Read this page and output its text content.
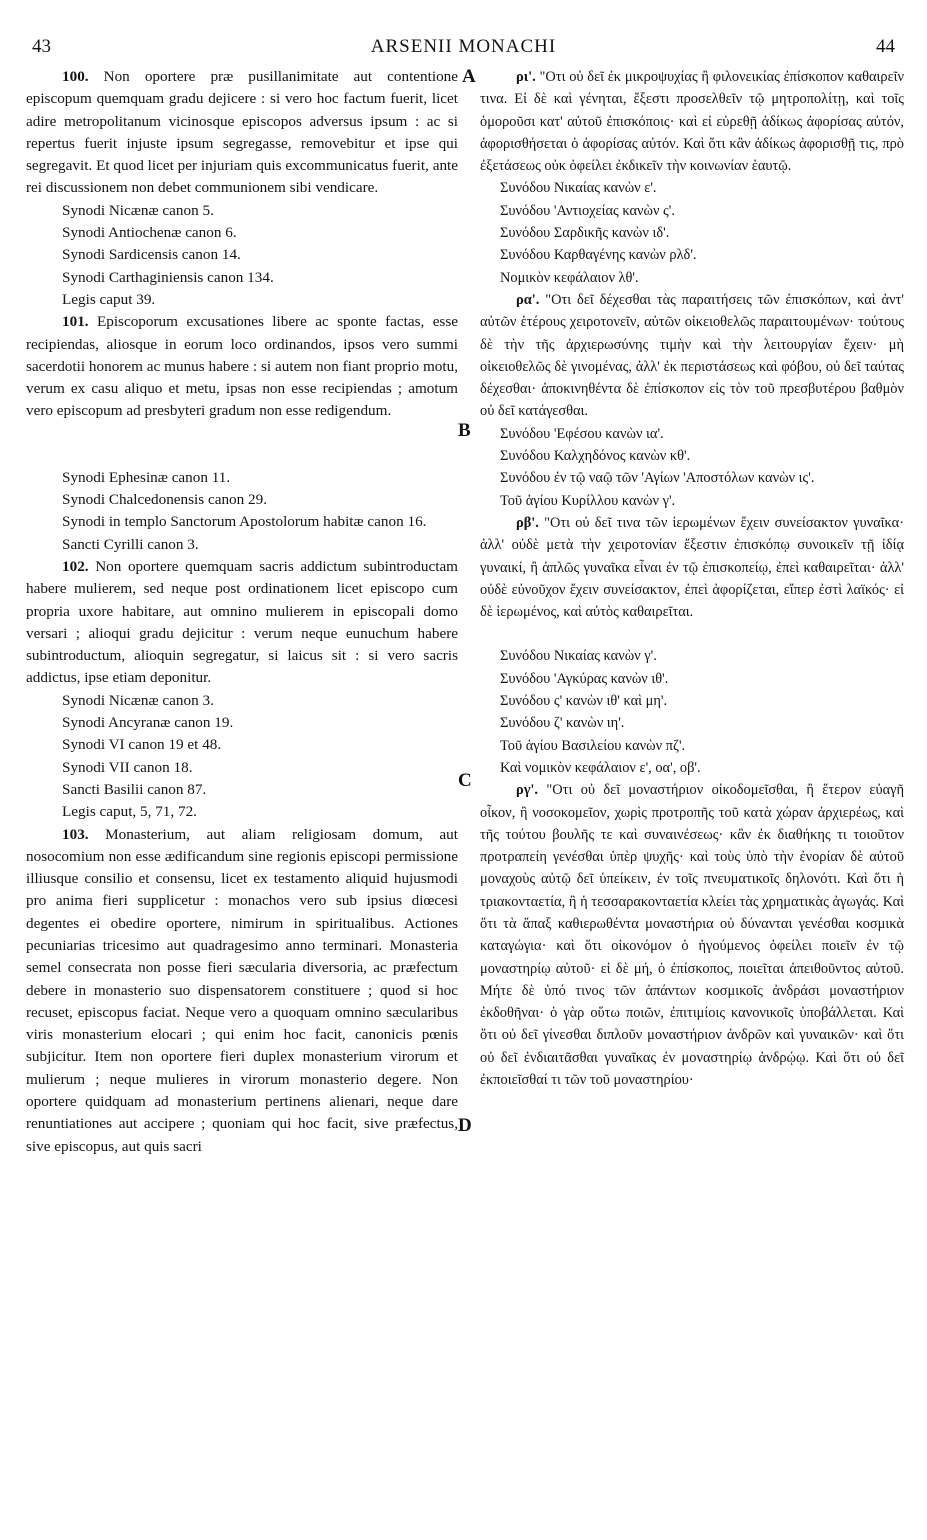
43	ARSENII MONACHI	44
A
B
C
D

100. Non oportere præ pusillanimitate aut contentione episcopum quemquam gradu dejicere : si vero hoc factum fuerit, licet adire metropolitanum vicinosque episcopos adversus ipsum : ac si repertus fuerit injuste ipsum segregasse, removebitur et ipse qui segregavit. Et quod licet per injuriam quis excommunicatus fuerit, ante rei discussionem non debet communionem sibi vendicare.

Synodi Nicænæ canon 5.
Synodi Antiochenæ canon 6.
Synodi Sardicensis canon 14.
Synodi Carthaginiensis canon 134.
Legis caput 39.

101. Episcoporum excusationes libere ac sponte factas, esse recipiendas, aliosque in eorum loco ordinandos, ipsos vero summi sacerdotii honorem ac munus habere : si autem non fiant proprio motu, verum ex casu aliquo et metu, ipsas non esse recipiendas ; amotum vero episcopum ad presbyteri gradum non esse redigendum.

Synodi Ephesinæ canon 11.
Synodi Chalcedonensis canon 29.
Synodi in templo Sanctorum Apostolorum habitæ canon 16.
Sancti Cyrilli canon 3.

102. Non oportere quemquam sacris addictum subintroductam habere mulierem, sed neque post ordinationem licet episcopo cum propria uxore habitare, aut omnino mulierem in episcopali domo versari ; alioqui gradu dejicitur : verum neque eunuchum habere subintroductum, alioquin segregatur, si laicus sit : si vero sacris addictus, ipse etiam deponitur.

Synodi Nicænæ canon 3.
Synodi Ancyranæ canon 19.
Synodi VI canon 19 et 48.
Synodi VII canon 18.
Sancti Basilii canon 87.
Legis caput, 5, 71, 72.

103. Monasterium, aut aliam religiosam domum, aut nosocomium non esse ædificandum sine regionis episcopi permissione illiusque consilio et consensu, licet ex testamento aliquid hujusmodi pro anima fieri supplicetur : monachos vero sub ipsius diœcesi degentes ei obedire oportere, nimirum in spiritualibus. Actiones pecuniarias tricesimo aut quadragesimo anno terminari. Monasteria semel consecrata non posse fieri sæcularia diversoria, ac præfectum debere in monasterio suo dispensatorem constituere ; quod si hoc recuset, episcopus faciat. Neque vero a quoquam omnino sæcularibus viris monasterium elocari ; qui enim hoc facit, canonicis pœnis subjicitur. Item non oportere fieri duplex monasterium virorum et mulierum ; neque mulieres in virorum monasterio degere. Non oportere quidquam ad monasterium pertinens alienari, neque dare renuntiationes aut accipere ; quoniam qui hoc facit, sive præfectus, sive episcopus, aut quis sacri

ρι'. "Οτι οὐ δεῖ ἐκ μικροψυχίας ἢ φιλονεικίας ἐπίσκοπον καθαιρεῖν τινα. Εἰ δὲ καὶ γένηται, ἔξεστι προσελθεῖν τῷ μητροπολίτῃ, καὶ τοῖς ὁμοροῦσι κατ' αὐτοῦ ἐπισκόποις· καὶ εἰ εὑρεθῇ ἀδίκως ἀφορίσας αὐτόν, ἀφορισθήσεται ὁ ἀφορίσας αὐτόν. Καὶ ὅτι κἂν ἀδίκως ἀφορισθῇ τις, πρὸ ἐξετάσεως οὐκ ὀφείλει ἐκδικεῖν τὴν κοινωνίαν ἑαυτῷ.

Συνόδου Νικαίας κανὼν ε'.
Συνόδου 'Αντιοχείας κανὼν ς'.
Συνόδου Σαρδικῆς κανὼν ιδ'.
Συνόδου Καρθαγένης κανὼν ρλδ'.
Νομικὸν κεφάλαιον λθ'.

ρα'. "Οτι δεῖ δέχεσθαι τὰς παραιτήσεις τῶν ἐπισκόπων, καὶ ἀντ' αὐτῶν ἑτέρους χειροτονεῖν, αὐτῶν οἰκειοθελῶς παραιτουμένων· τούτους δὲ τὴν τῆς ἀρχιερωσύνης τιμὴν καὶ τὴν λειτουργίαν ἔχειν· μὴ οἰκειοθελῶς δὲ γινομένας, ἀλλ' ἐκ περιστάσεως καὶ φόβου, οὐ δεῖ ταύτας δέχεσθαι· ἀποκινηθέντα δὲ ἐπίσκοπον εἰς τὸν τοῦ πρεσβυτέρου βαθμὸν οὐ δεῖ κατάγεσθαι.

Συνόδου 'Εφέσου κανὼν ια'.
Συνόδου Καλχηδόνος κανὼν κθ'.
Συνόδου ἐν τῷ ναῷ τῶν 'Αγίων 'Αποστόλων κανὼν ις'.
Τοῦ ἁγίου Κυρίλλου κανὼν γ'.

ρβ'. "Οτι οὐ δεῖ τινα τῶν ἱερωμένων ἔχειν συνείσακτον γυναῖκα· ἀλλ' οὐδὲ μετὰ τὴν χειροτονίαν ἔξεστιν ἐπισκόπῳ συνοικεῖν τῇ ἰδίᾳ γυναικί, ἢ ἁπλῶς γυναῖκα εἶναι ἐν τῷ ἐπισκοπείῳ, ἐπεὶ καθαιρεῖται· ἀλλ' οὐδὲ εὐνοῦχον ἔχειν συνείσακτον, ἐπεὶ ἀφορίζεται, εἴπερ ἐστὶ λαϊκός· εἰ δὲ ἱερωμένος, καὶ αὐτὸς καθαιρεῖται.

Συνόδου Νικαίας κανὼν γ'.
Συνόδου 'Αγκύρας κανὼν ιθ'.
Συνόδου ς' κανὼν ιθ' καὶ μη'.
Συνόδου ζ' κανὼν ιη'.
Τοῦ ἁγίου Βασιλείου κανὼν πζ'.
Καὶ νομικὸν κεφάλαιον ε', οα', οβ'.

ργ'. "Οτι οὐ δεῖ μοναστήριον οἰκοδομεῖσθαι, ἢ ἕτερον εὐαγῆ οἶκον, ἢ νοσοκομεῖον, χωρὶς προτροπῆς τοῦ κατὰ χώραν ἀρχιερέως, καὶ τῆς τούτου βουλῆς τε καὶ συναινέσεως· κἂν ἐκ διαθήκης τι τοιοῦτον προτραπείη γενέσθαι ὑπὲρ ψυχῆς· καὶ τοὺς ὑπὸ τὴν ἐνορίαν δὲ αὐτοῦ μοναχοὺς αὐτῷ δεῖ ὑπείκειν, ἐν τοῖς πνευματικοῖς δηλονότι. Καὶ ὅτι ἡ τριακονταετία, ἢ ἡ τεσσαρακονταετία κλείει τὰς χρηματικὰς ἀγωγάς. Καὶ ὅτι τὰ ἅπαξ καθιερωθέντα μοναστήρια οὐ δύνανται γενέσθαι κοσμικὰ καταγώγια· καὶ ὅτι οἰκονόμον ὁ ἡγούμενος ὀφείλει ποιεῖν ἐν τῷ μοναστηρίῳ αὐτοῦ· εἰ δὲ μή, ὁ ἐπίσκοπος, ποιεῖται ἀπειθοῦντος αὐτοῦ. Μήτε δὲ ὑπό τινος τῶν ἁπάντων κοσμικοῖς ἀνδράσι μοναστήριον ἐκδοθῆναι· ὁ γὰρ οὕτω ποιῶν, ἐπιτιμίοις κανονικοῖς ὑποβάλλεται. Καὶ ὅτι οὐ δεῖ γίνεσθαι διπλοῦν μοναστήριον ἀνδρῶν καὶ γυναικῶν· καὶ ὅτι οὐ δεῖ ἐνδιαιτᾶσθαι γυναῖκας ἐν μοναστηρίῳ ἀνδρῴῳ. Καὶ ὅτι οὐ δεῖ ἐκποιεῖσθαί τι τῶν τοῦ μοναστηρίου·
